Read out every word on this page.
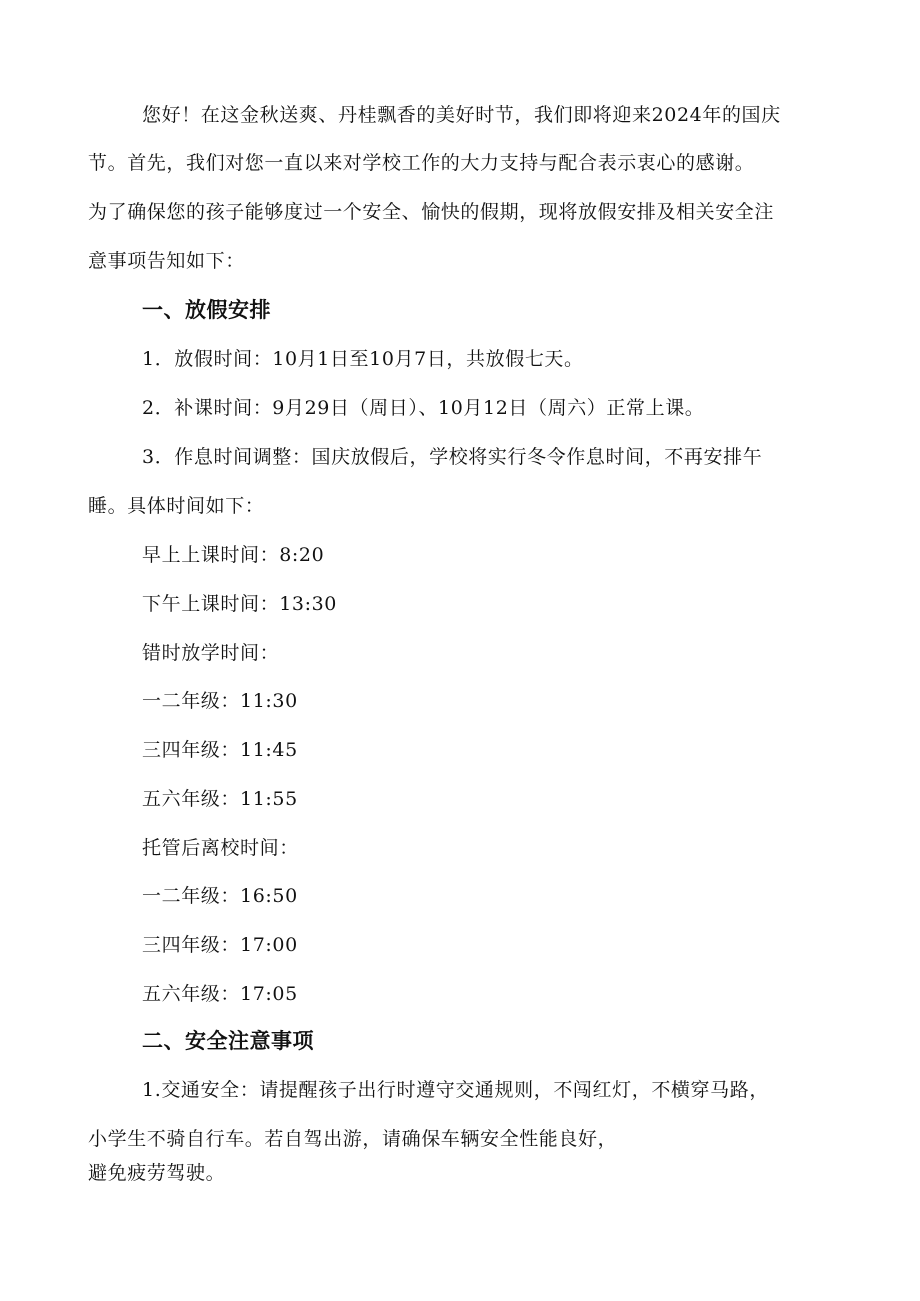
您好！在这金秋送爽、丹桂飘香的美好时节，我们即将迎来2024年的国庆
节。首先，我们对您一直以来对学校工作的大力支持与配合表示衷心的感谢。
为了确保您的孩子能够度过一个安全、愉快的假期，现将放假安排及相关安全注
意事项告知如下：
一、放假安排
1．放假时间：10月1日至10月7日，共放假七天。
2．补课时间：9月29日（周日）、10月12日（周六）正常上课。
3．作息时间调整：国庆放假后，学校将实行冬令作息时间，不再安排午
睡。具体时间如下：
早上上课时间：8:20
下午上课时间：13:30
错时放学时间：
一二年级：11:30
三四年级：11:45
五六年级：11:55
托管后离校时间：
一二年级：16:50
三四年级：17:00
五六年级：17:05
二、安全注意事项
1.交通安全：请提醒孩子出行时遵守交通规则，不闯红灯，不横穿马路，
小学生不骑自行车。若自驾出游，请确保车辆安全性能良好，
避免疲劳驾驶。
